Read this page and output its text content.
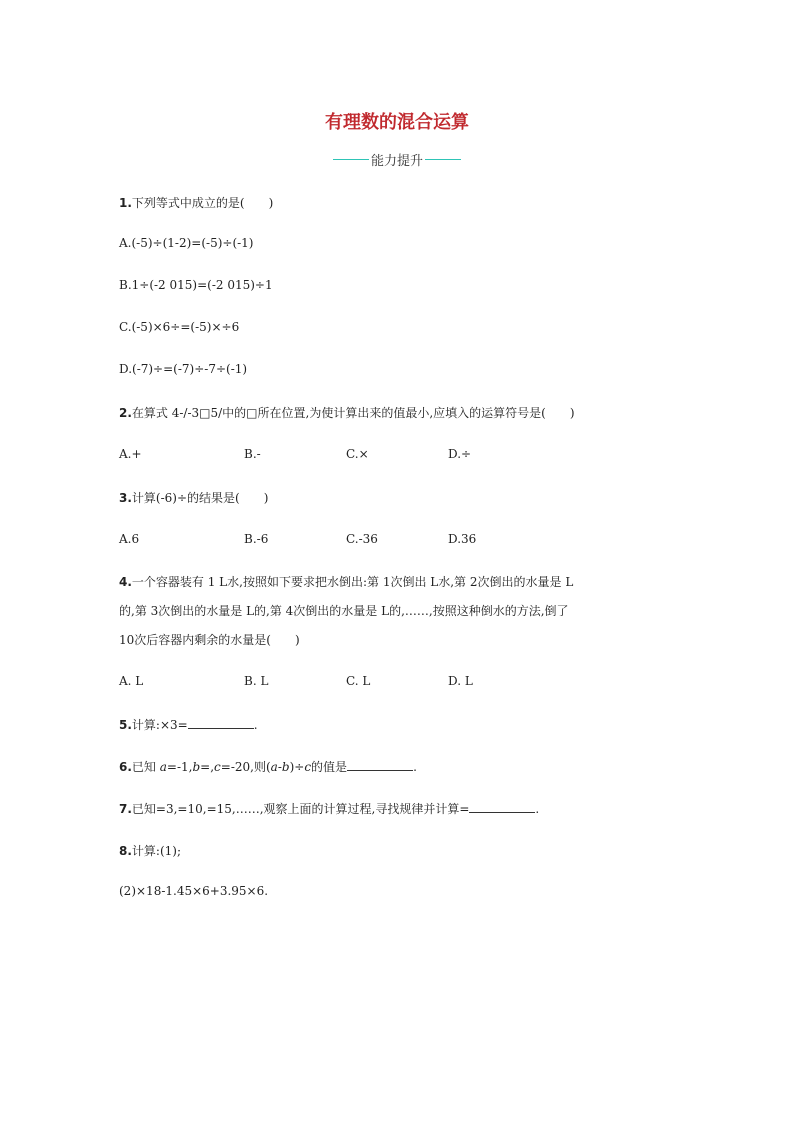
有理数的混合运算
能力提升
1.下列等式中成立的是(　　)
A.(-5)÷(1-2)=(-5)÷(-1)
B.1÷(-2 015)=(-2 015)÷1
C.(-5)×6÷=(-5)×÷6
D.(-7)÷=(-7)÷-7÷(-1)
2.在算式 4-/-3□5/中的□所在位置,为使计算出来的值最小,应填入的运算符号是(　　)
A.+	B.-	C.×	D.÷
3.计算(-6)÷的结果是(　　)
A.6	B.-6	C.-36	D.36
4.一个容器装有 1 L水,按照如下要求把水倒出:第 1次倒出 L水,第 2次倒出的水量是 L
的,第 3次倒出的水量是 L的,第 4次倒出的水量是 L的,……,按照这种倒水的方法,倒了
10次后容器内剩余的水量是(　　)
A. L	B. L	C. L	D. L
5.计算:×3=	.
6.已知 a=-1,b=,c=-20,则(a-b)÷c的值是	.
7.已知=3,=10,=15,……,观察上面的计算过程,寻找规律并计算=	.
8.计算:(1);
(2)×18-1.45×6+3.95×6.
